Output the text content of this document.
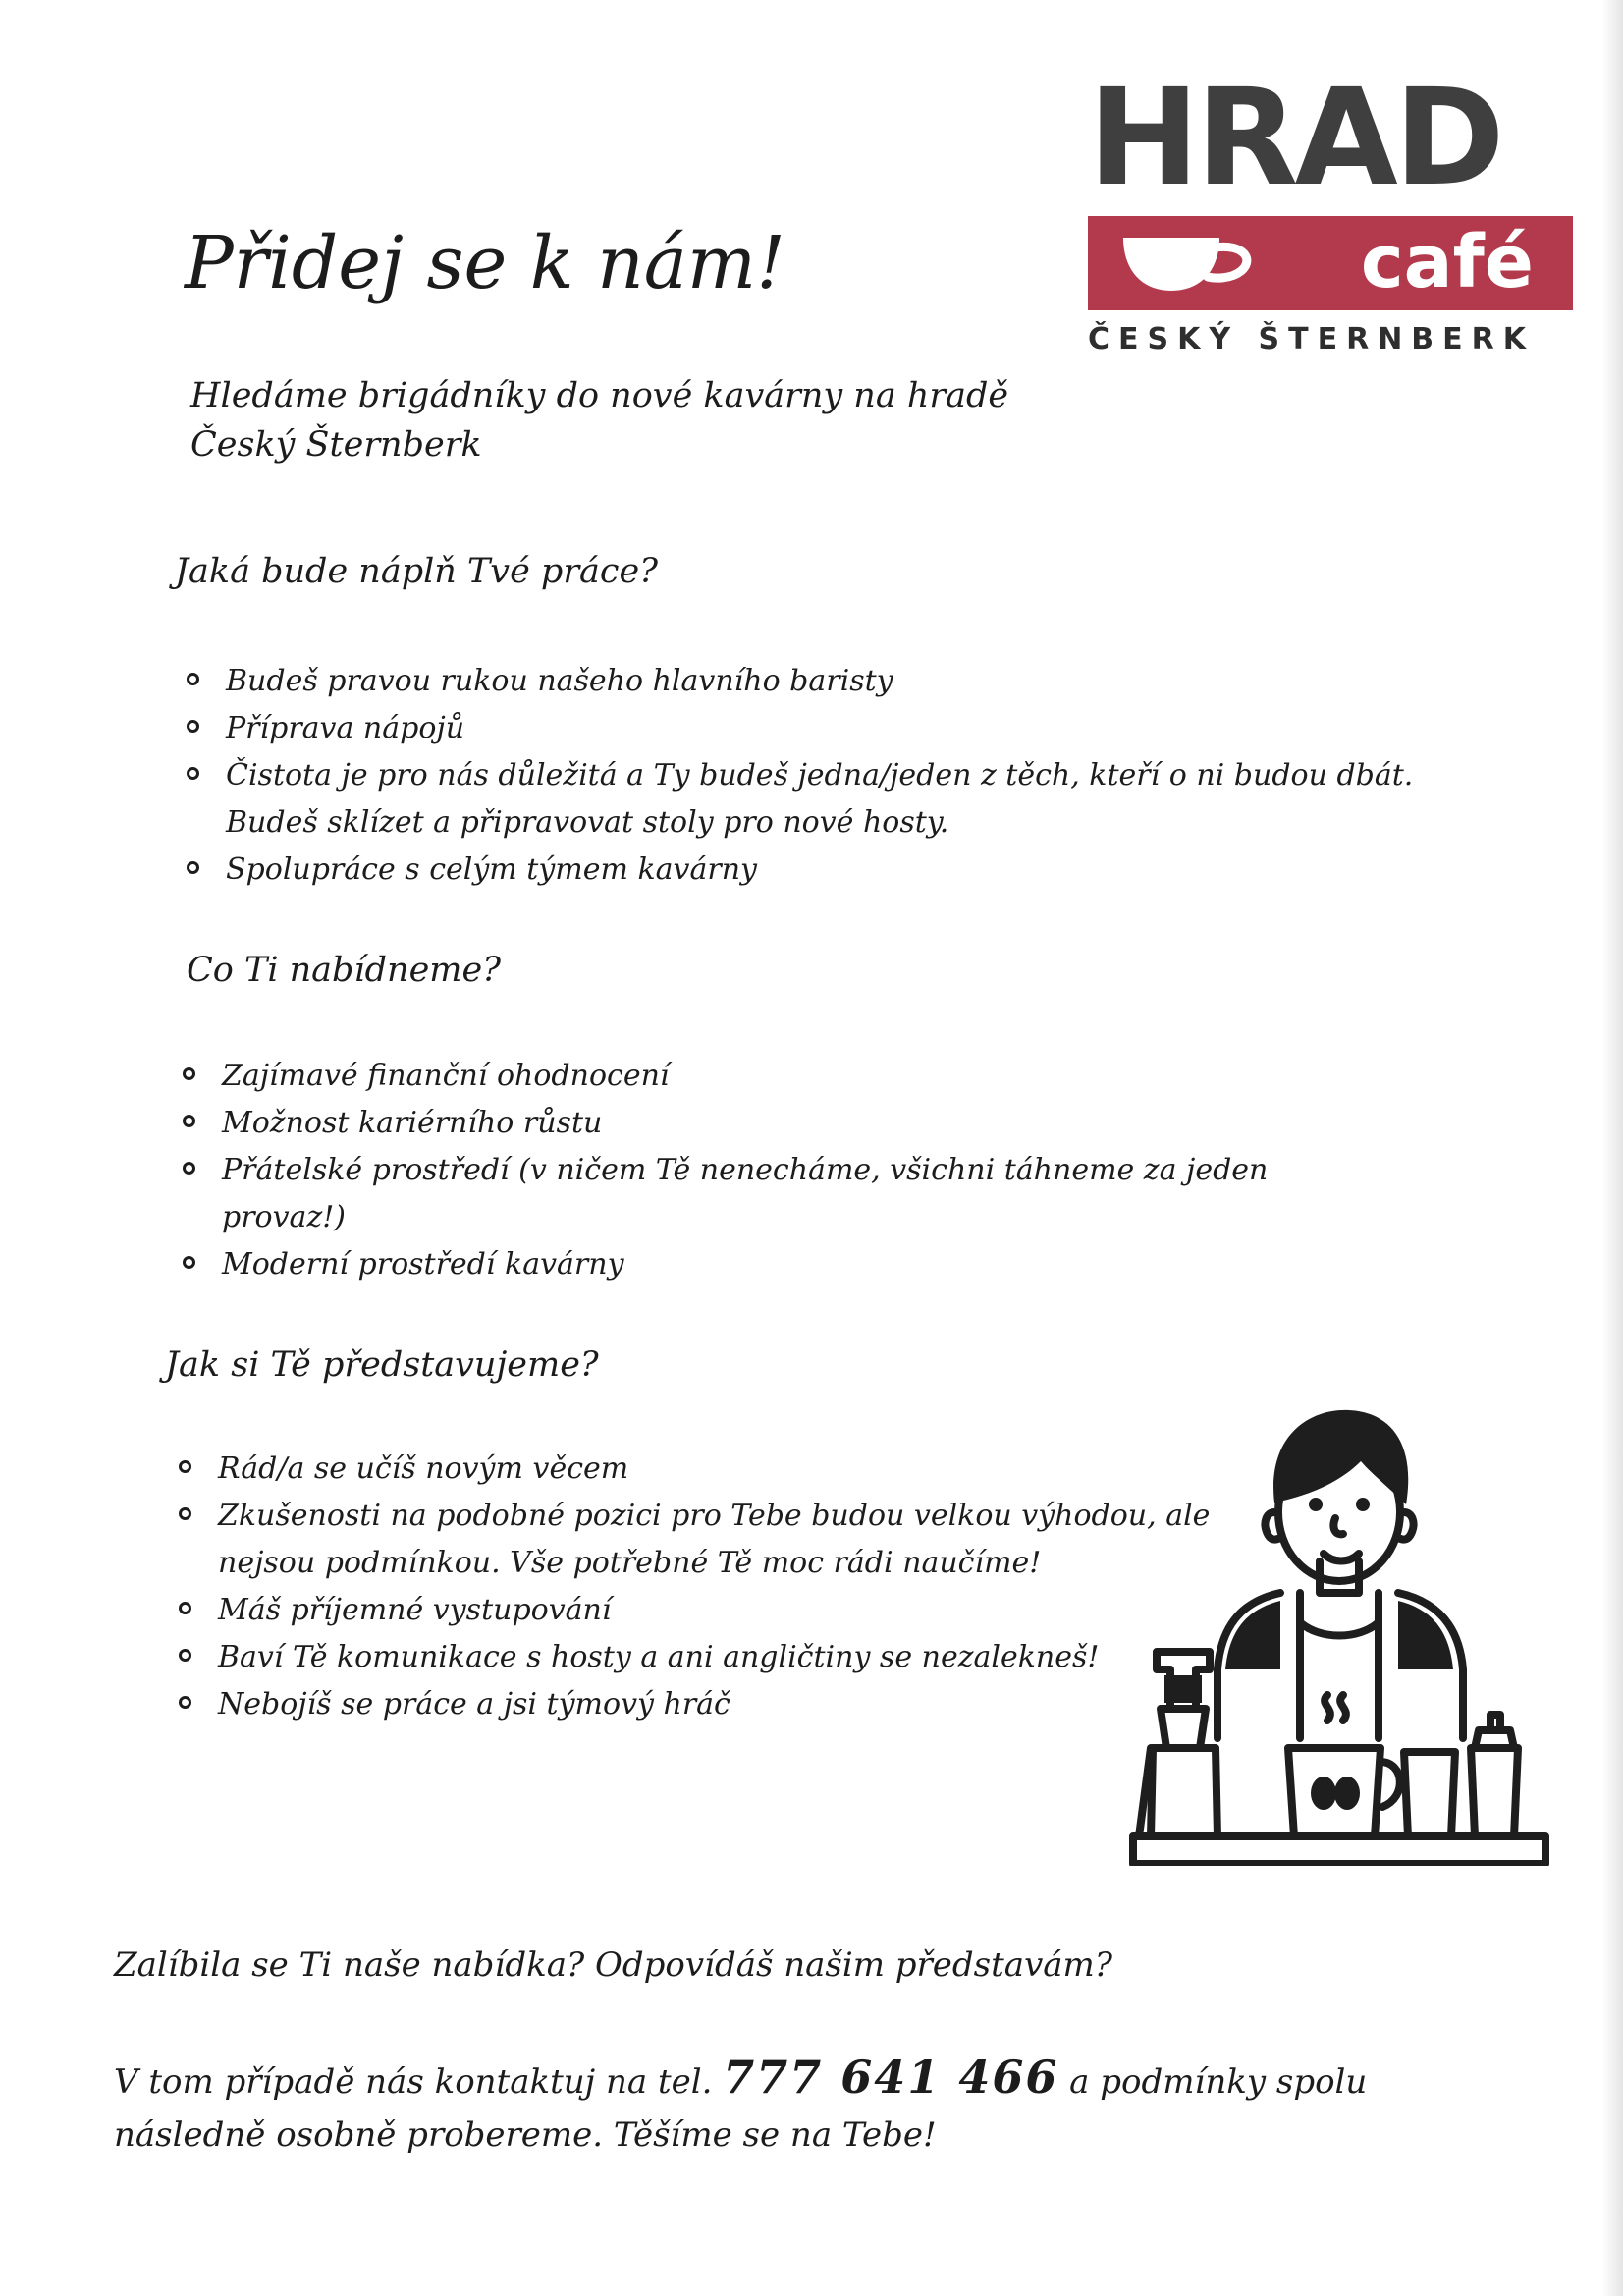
HRAD
café
ČESKÝ ŠTERNBERK
Přidej se k nám!
Hledáme brigádníky do nové kavárny na hradě Český Šternberk
Jaká bude náplň Tvé práce?
Budeš pravou rukou našeho hlavního baristy
Příprava nápojů
Čistota je pro nás důležitá a Ty budeš jedna/jeden z těch, kteří o ni budou dbát. Budeš sklízet a připravovat stoly pro nové hosty.
Spolupráce s celým týmem kavárny
Co Ti nabídneme?
Zajímavé finanční ohodnocení
Možnost kariérního růstu
Přátelské prostředí (v ničem Tě nenecháme, všichni táhneme za jeden provaz!)
Moderní prostředí kavárny
Jak si Tě představujeme?
Rád/a se učíš novým věcem
Zkušenosti na podobné pozici pro Tebe budou velkou výhodou, ale nejsou podmínkou. Vše potřebné Tě moc rádi naučíme!
Máš příjemné vystupování
Baví Tě komunikace s hosty a ani angličtiny se nezalekneš!
Nebojíš se práce a jsi týmový hráč
Zalíbila se Ti naše nabídka? Odpovídáš našim představám?
V tom případě nás kontaktuj na tel. 777 641 466 a podmínky spolu následně osobně probereme. Těšíme se na Tebe!
